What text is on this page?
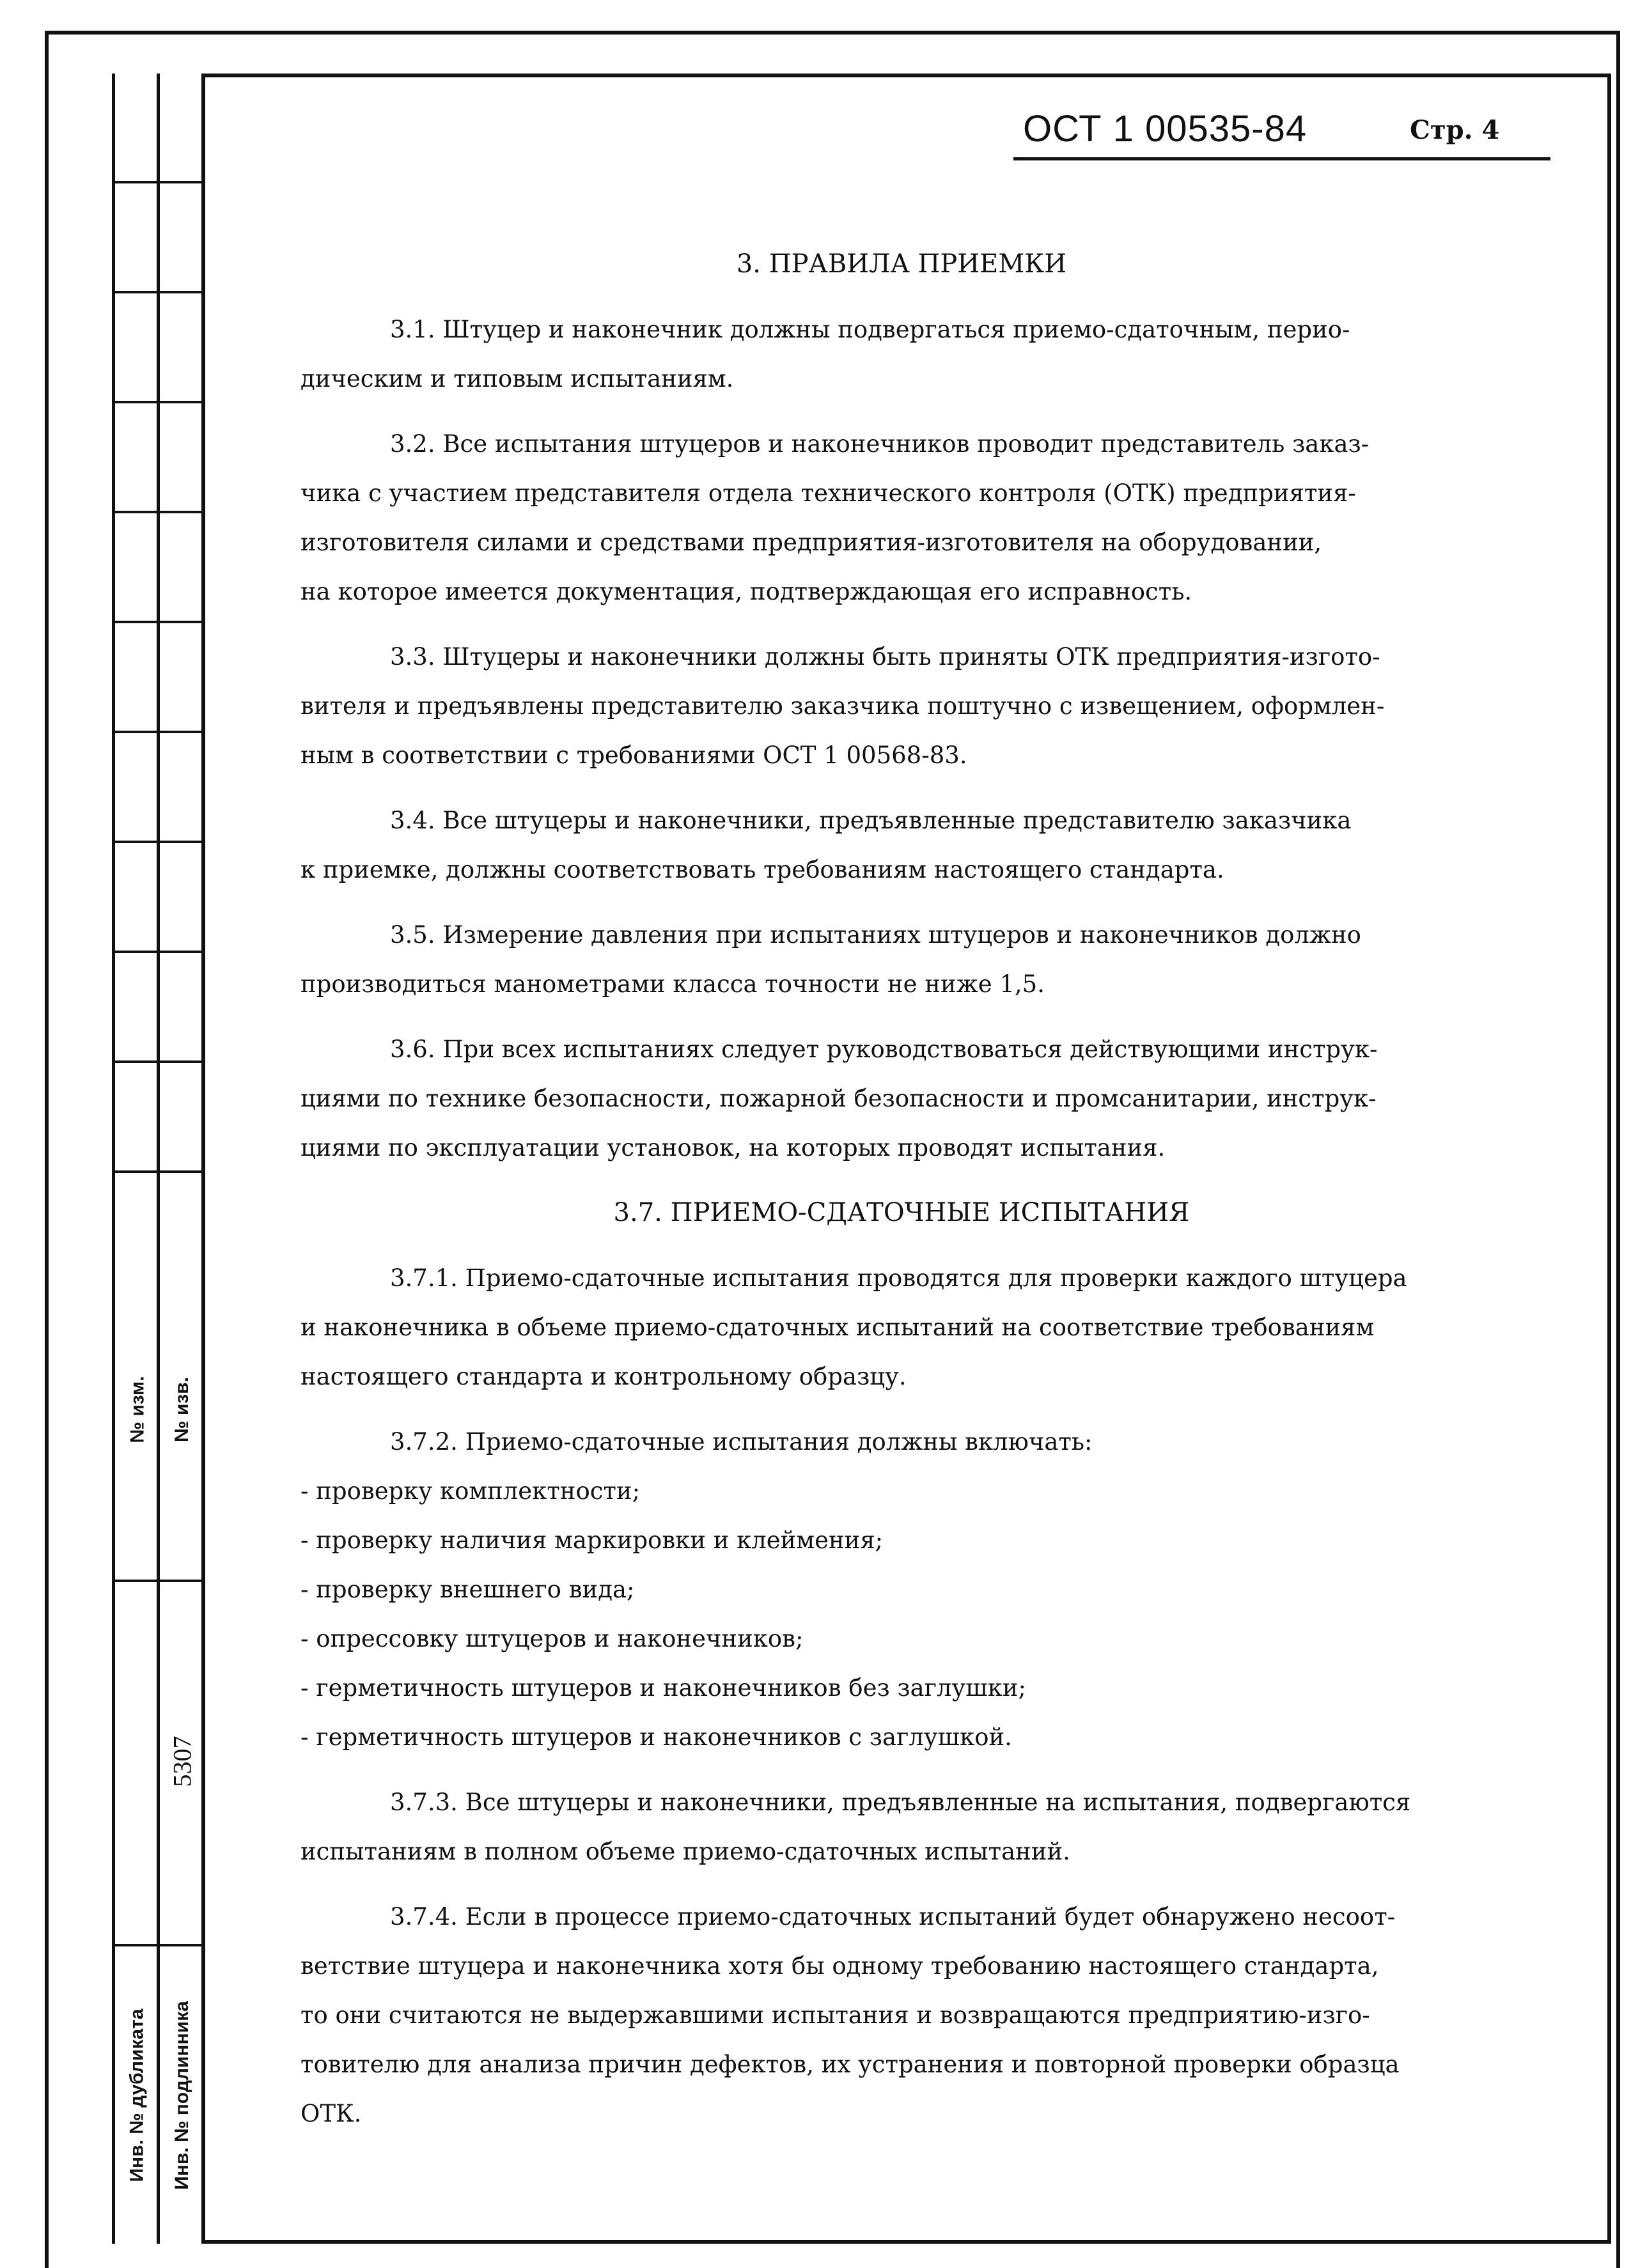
№ изм.
Инв. № дубликата
№ изв.
5307
Инв. № подлинника
ОСТ 1 00535-84	Стр. 4

3. ПРАВИЛА ПРИЕМКИ

3.1. Штуцер и наконечник должны подвергаться приемо-сдаточным, перио-
дическим и типовым испытаниям.
3.2. Все испытания штуцеров и наконечников проводит представитель заказ-
чика с участием представителя отдела технического контроля (ОТК) предприятия-
изготовителя силами и средствами предприятия-изготовителя на оборудовании,
на которое имеется документация, подтверждающая его исправность.
3.3. Штуцеры и наконечники должны быть приняты ОТК предприятия-изгото-
вителя и предъявлены представителю заказчика поштучно с извещением, оформлен-
ным в соответствии с требованиями ОСТ 1 00568-83.
3.4. Все штуцеры и наконечники, предъявленные представителю заказчика
к приемке, должны соответствовать требованиям настоящего стандарта.
3.5. Измерение давления при испытаниях штуцеров и наконечников должно
производиться манометрами класса точности не ниже 1,5.
3.6. При всех испытаниях следует руководствоваться действующими инструк-
циями по технике безопасности, пожарной безопасности и промсанитарии, инструк-
циями по эксплуатации установок, на которых проводят испытания.

3.7. ПРИЕМО-СДАТОЧНЫЕ ИСПЫТАНИЯ

3.7.1. Приемо-сдаточные испытания проводятся для проверки каждого штуцера
и наконечника в объеме приемо-сдаточных испытаний на соответствие требованиям
настоящего стандарта и контрольному образцу.
3.7.2. Приемо-сдаточные испытания должны включать:
- проверку комплектности;
- проверку наличия маркировки и клеймения;
- проверку внешнего вида;
- опрессовку штуцеров и наконечников;
- герметичность штуцеров и наконечников без заглушки;
- герметичность штуцеров и наконечников с заглушкой.
3.7.3. Все штуцеры и наконечники, предъявленные на испытания, подвергаются
испытаниям в полном объеме приемо-сдаточных испытаний.
3.7.4. Если в процессе приемо-сдаточных испытаний будет обнаружено несоот-
ветствие штуцера и наконечника хотя бы одному требованию настоящего стандарта,
то они считаются не выдержавшими испытания и возвращаются предприятию-изго-
товителю для анализа причин дефектов, их устранения и повторной проверки образца
ОТК.
